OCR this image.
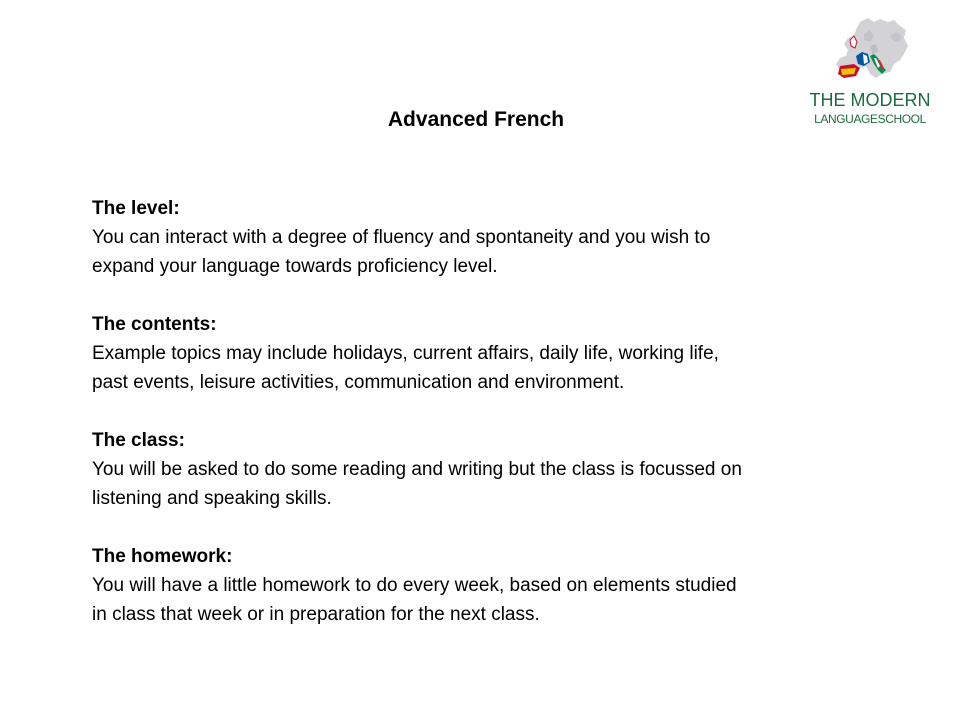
THE MODERN
LANGUAGESCHOOL
Advanced French
The level:
You can interact with a degree of fluency and spontaneity and you wish to
expand your language towards proficiency level.
The contents:
Example topics may include holidays, current affairs, daily life, working life,
past events, leisure activities, communication and environment.
The class:
You will be asked to do some reading and writing but the class is focussed on
listening and speaking skills.
The homework:
You will have a little homework to do every week, based on elements studied
in class that week or in preparation for the next class.
